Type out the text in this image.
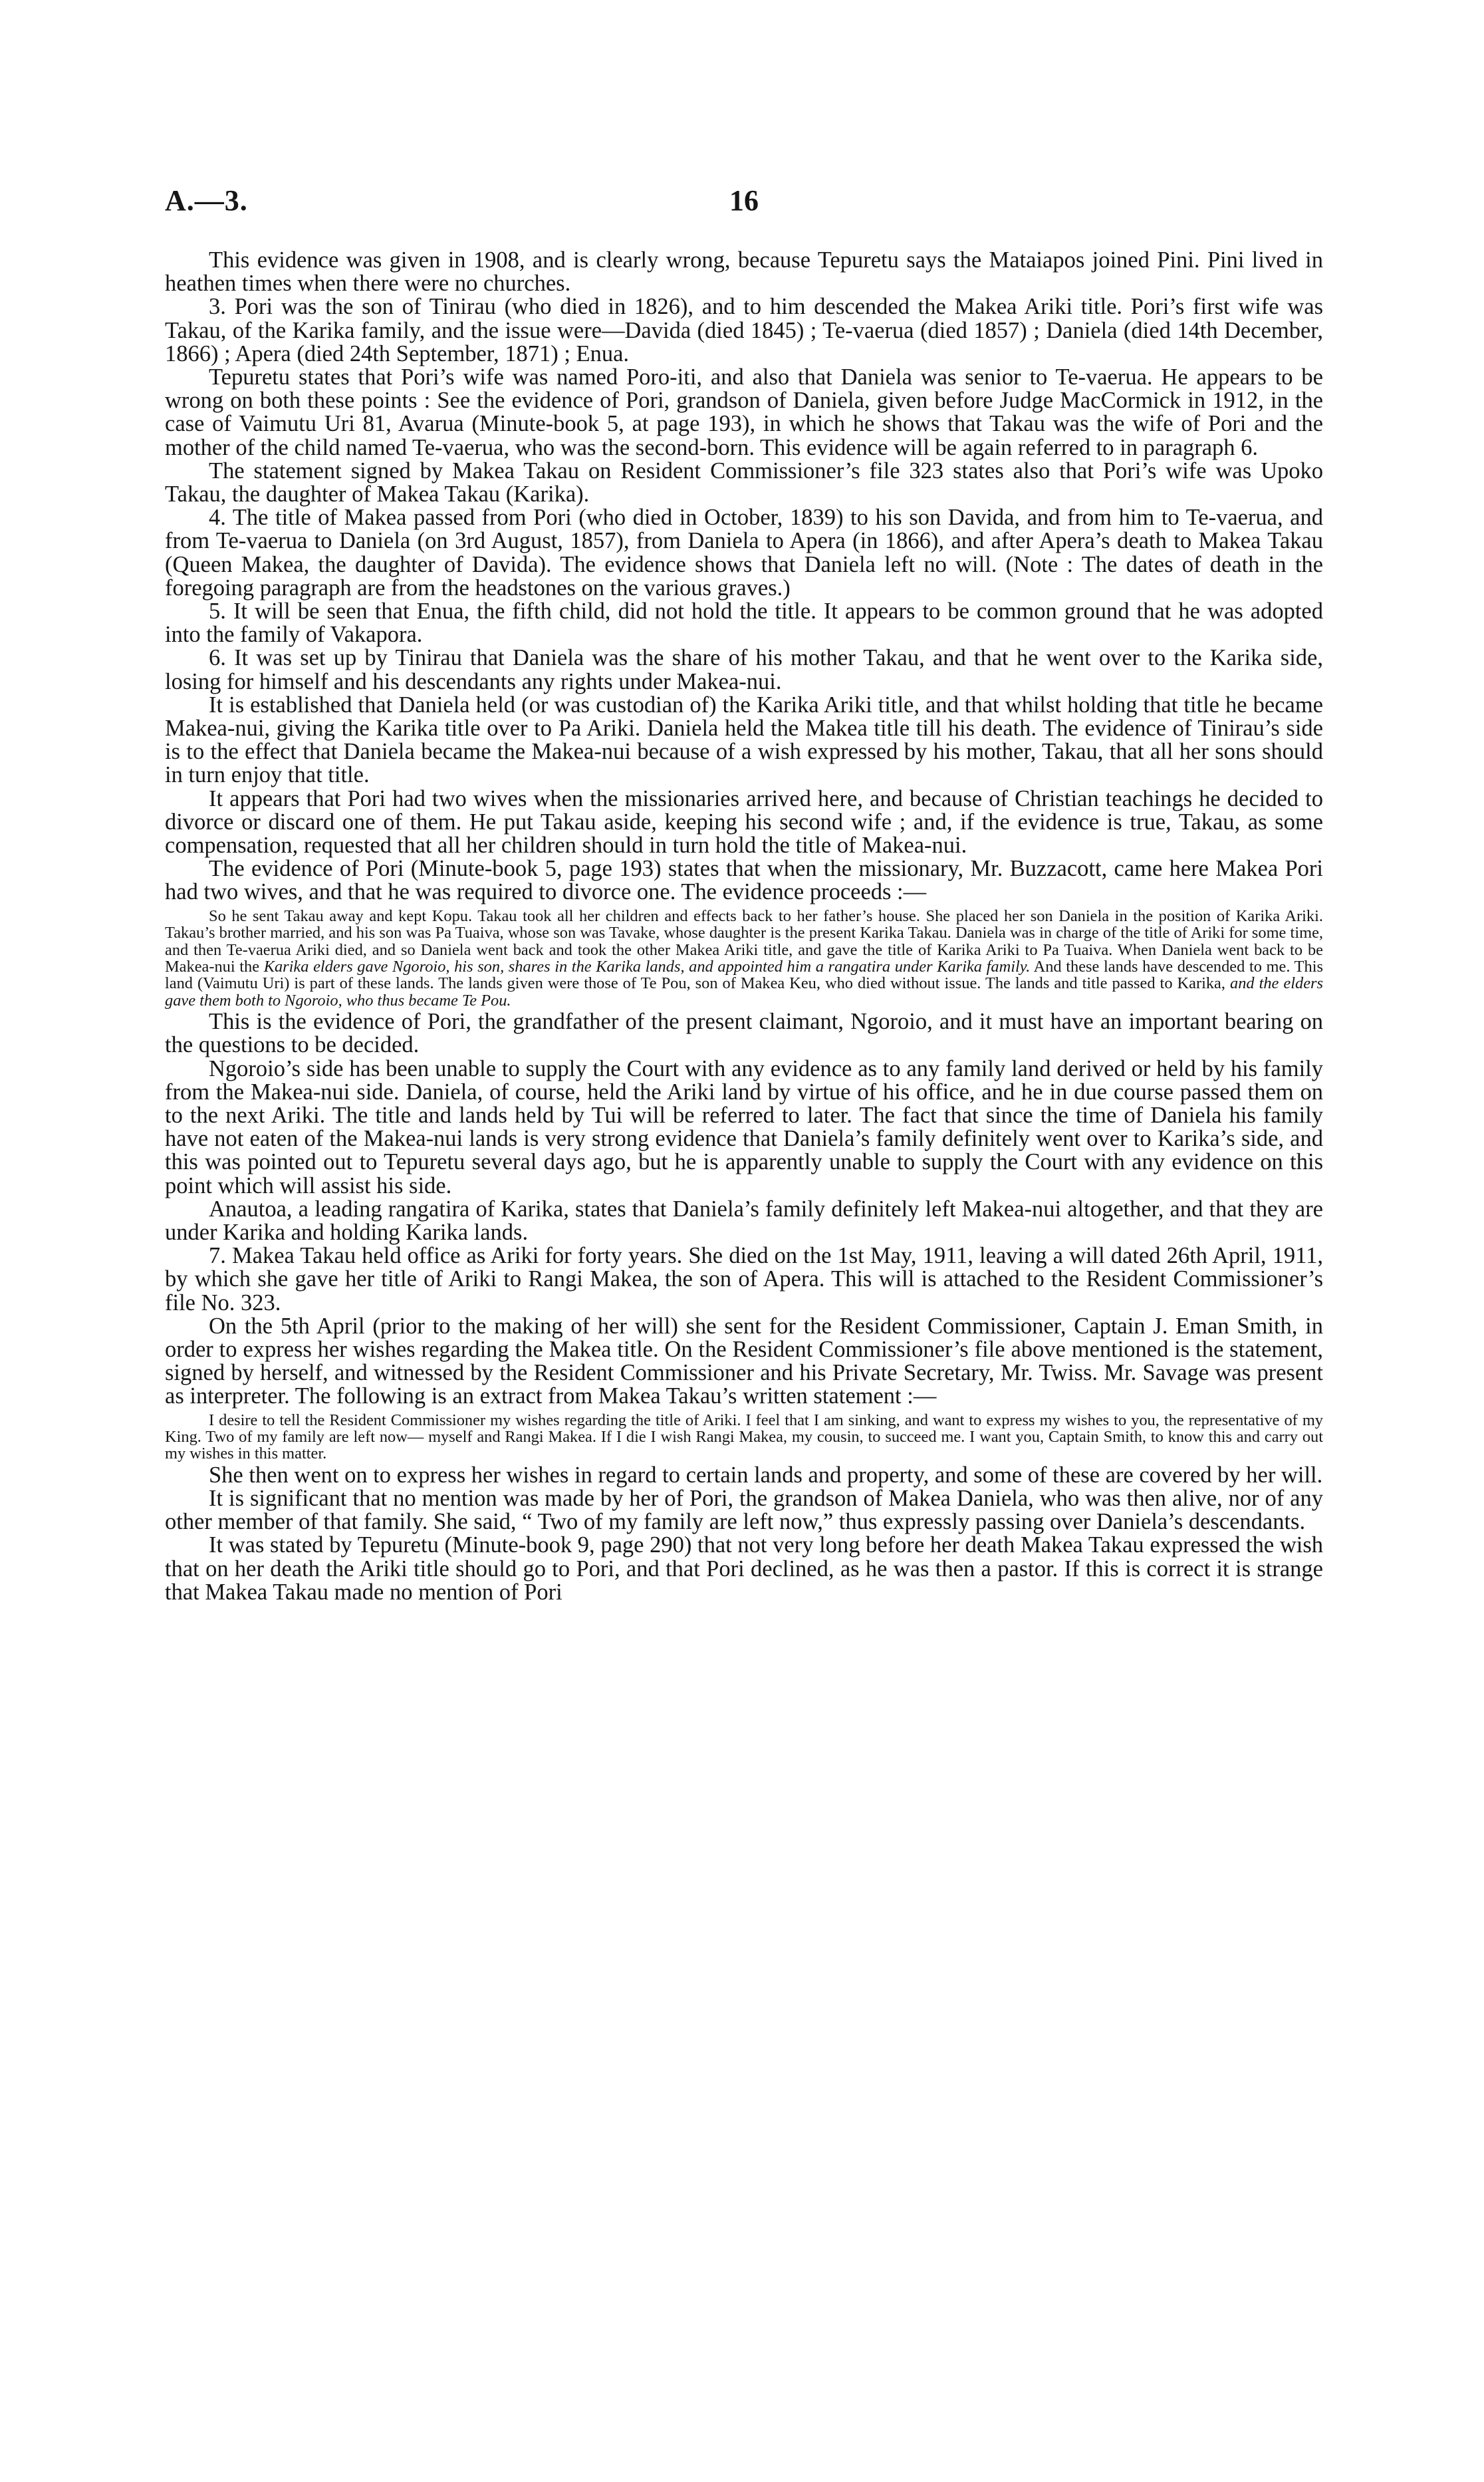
A.—3.	16

This evidence was given in 1908, and is clearly wrong, because Tepuretu says the Mataiapos joined Pini. Pini lived in heathen times when there were no churches.

3. Pori was the son of Tinirau (who died in 1826), and to him descended the Makea Ariki title. Pori’s first wife was Takau, of the Karika family, and the issue were—Davida (died 1845) ; Te-vaerua (died 1857) ; Daniela (died 14th December, 1866) ; Apera (died 24th September, 1871) ; Enua.

Tepuretu states that Pori’s wife was named Poro-iti, and also that Daniela was senior to Te-vaerua. He appears to be wrong on both these points : See the evidence of Pori, grandson of Daniela, given before Judge MacCormick in 1912, in the case of Vaimutu Uri 81, Avarua (Minute-book 5, at page 193), in which he shows that Takau was the wife of Pori and the mother of the child named Te-vaerua, who was the second-born. This evidence will be again referred to in paragraph 6.

The statement signed by Makea Takau on Resident Commissioner’s file 323 states also that Pori’s wife was Upoko Takau, the daughter of Makea Takau (Karika).

4. The title of Makea passed from Pori (who died in October, 1839) to his son Davida, and from him to Te-vaerua, and from Te-vaerua to Daniela (on 3rd August, 1857), from Daniela to Apera (in 1866), and after Apera’s death to Makea Takau (Queen Makea, the daughter of Davida). The evidence shows that Daniela left no will. (Note : The dates of death in the foregoing paragraph are from the headstones on the various graves.)

5. It will be seen that Enua, the fifth child, did not hold the title. It appears to be common ground that he was adopted into the family of Vakapora.

6. It was set up by Tinirau that Daniela was the share of his mother Takau, and that he went over to the Karika side, losing for himself and his descendants any rights under Makea-nui.

It is established that Daniela held (or was custodian of) the Karika Ariki title, and that whilst holding that title he became Makea-nui, giving the Karika title over to Pa Ariki. Daniela held the Makea title till his death. The evidence of Tinirau’s side is to the effect that Daniela became the Makea-nui because of a wish expressed by his mother, Takau, that all her sons should in turn enjoy that title.

It appears that Pori had two wives when the missionaries arrived here, and because of Christian teachings he decided to divorce or discard one of them. He put Takau aside, keeping his second wife ; and, if the evidence is true, Takau, as some compensation, requested that all her children should in turn hold the title of Makea-nui.

The evidence of Pori (Minute-book 5, page 193) states that when the missionary, Mr. Buzzacott, came here Makea Pori had two wives, and that he was required to divorce one. The evidence proceeds :—

So he sent Takau away and kept Kopu. Takau took all her children and effects back to her father’s house. She placed her son Daniela in the position of Karika Ariki. Takau’s brother married, and his son was Pa Tuaiva, whose son was Tavake, whose daughter is the present Karika Takau. Daniela was in charge of the title of Ariki for some time, and then Te-vaerua Ariki died, and so Daniela went back and took the other Makea Ariki title, and gave the title of Karika Ariki to Pa Tuaiva. When Daniela went back to be Makea-nui the Karika elders gave Ngoroio, his son, shares in the Karika lands, and appointed him a rangatira under Karika family. And these lands have descended to me. This land (Vaimutu Uri) is part of these lands. The lands given were those of Te Pou, son of Makea Keu, who died without issue. The lands and title passed to Karika, and the elders gave them both to Ngoroio, who thus became Te Pou.

This is the evidence of Pori, the grandfather of the present claimant, Ngoroio, and it must have an important bearing on the questions to be decided.

Ngoroio’s side has been unable to supply the Court with any evidence as to any family land derived or held by his family from the Makea-nui side. Daniela, of course, held the Ariki land by virtue of his office, and he in due course passed them on to the next Ariki. The title and lands held by Tui will be referred to later. The fact that since the time of Daniela his family have not eaten of the Makea-nui lands is very strong evidence that Daniela’s family definitely went over to Karika’s side, and this was pointed out to Tepuretu several days ago, but he is apparently unable to supply the Court with any evidence on this point which will assist his side.

Anautoa, a leading rangatira of Karika, states that Daniela’s family definitely left Makea-nui altogether, and that they are under Karika and holding Karika lands.

7. Makea Takau held office as Ariki for forty years. She died on the 1st May, 1911, leaving a will dated 26th April, 1911, by which she gave her title of Ariki to Rangi Makea, the son of Apera. This will is attached to the Resident Commissioner’s file No. 323.

On the 5th April (prior to the making of her will) she sent for the Resident Commissioner, Captain J. Eman Smith, in order to express her wishes regarding the Makea title. On the Resident Commissioner’s file above mentioned is the statement, signed by herself, and witnessed by the Resident Commissioner and his Private Secretary, Mr. Twiss. Mr. Savage was present as interpreter. The following is an extract from Makea Takau’s written statement :—

I desire to tell the Resident Commissioner my wishes regarding the title of Ariki. I feel that I am sinking, and want to express my wishes to you, the representative of my King. Two of my family are left now— myself and Rangi Makea. If I die I wish Rangi Makea, my cousin, to succeed me. I want you, Captain Smith, to know this and carry out my wishes in this matter.

She then went on to express her wishes in regard to certain lands and property, and some of these are covered by her will.

It is significant that no mention was made by her of Pori, the grandson of Makea Daniela, who was then alive, nor of any other member of that family. She said, “ Two of my family are left now,” thus expressly passing over Daniela’s descendants.

It was stated by Tepuretu (Minute-book 9, page 290) that not very long before her death Makea Takau expressed the wish that on her death the Ariki title should go to Pori, and that Pori declined, as he was then a pastor. If this is correct it is strange that Makea Takau made no mention of Pori
